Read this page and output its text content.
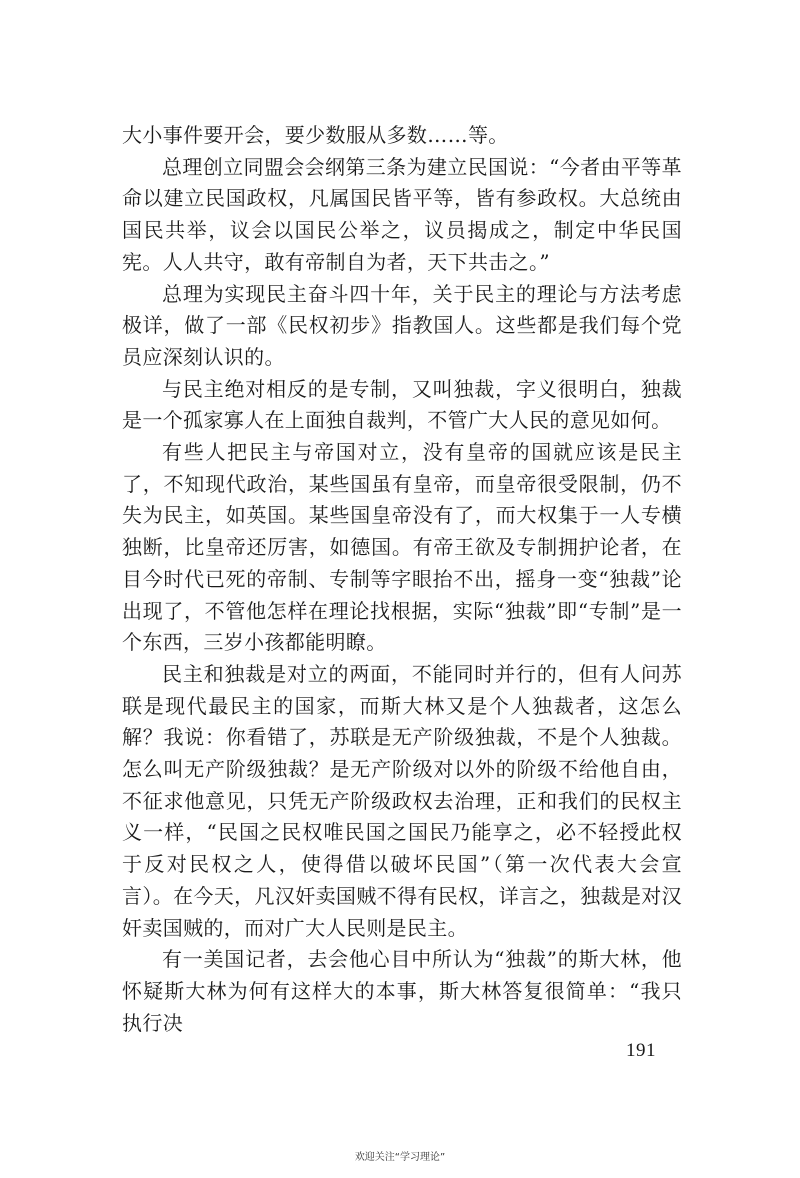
大小事件要开会，要少数服从多数……等。

总理创立同盟会会纲第三条为建立民国说：“今者由平等革命以建立民国政权，凡属国民皆平等，皆有参政权。大总统由国民共举，议会以国民公举之，议员揭成之，制定中华民国宪。人人共守，敢有帝制自为者，天下共击之。”

总理为实现民主奋斗四十年，关于民主的理论与方法考虑极详，做了一部《民权初步》指教国人。这些都是我们每个党员应深刻认识的。

与民主绝对相反的是专制，又叫独裁，字义很明白，独裁是一个孤家寡人在上面独自裁判，不管广大人民的意见如何。

有些人把民主与帝国对立，没有皇帝的国就应该是民主了，不知现代政治，某些国虽有皇帝，而皇帝很受限制，仍不失为民主，如英国。某些国皇帝没有了，而大权集于一人专横独断，比皇帝还厉害，如德国。有帝王欲及专制拥护论者，在目今时代已死的帝制、专制等字眼抬不出，摇身一变“独裁”论出现了，不管他怎样在理论找根据，实际“独裁”即“专制”是一个东西，三岁小孩都能明瞭。

民主和独裁是对立的两面，不能同时并行的，但有人问苏联是现代最民主的国家，而斯大林又是个人独裁者，这怎么解？我说：你看错了，苏联是无产阶级独裁，不是个人独裁。怎么叫无产阶级独裁？是无产阶级对以外的阶级不给他自由，不征求他意见，只凭无产阶级政权去治理，正和我们的民权主义一样，“民国之民权唯民国之国民乃能享之，必不轻授此权于反对民权之人，使得借以破坏民国”（第一次代表大会宣言）。在今天，凡汉奸卖国贼不得有民权，详言之，独裁是对汉奸卖国贼的，而对广大人民则是民主。

有一美国记者，去会他心目中所认为“独裁”的斯大林，他怀疑斯大林为何有这样大的本事，斯大林答复很简单：“我只执行决

191
欢迎关注“学习理论”
